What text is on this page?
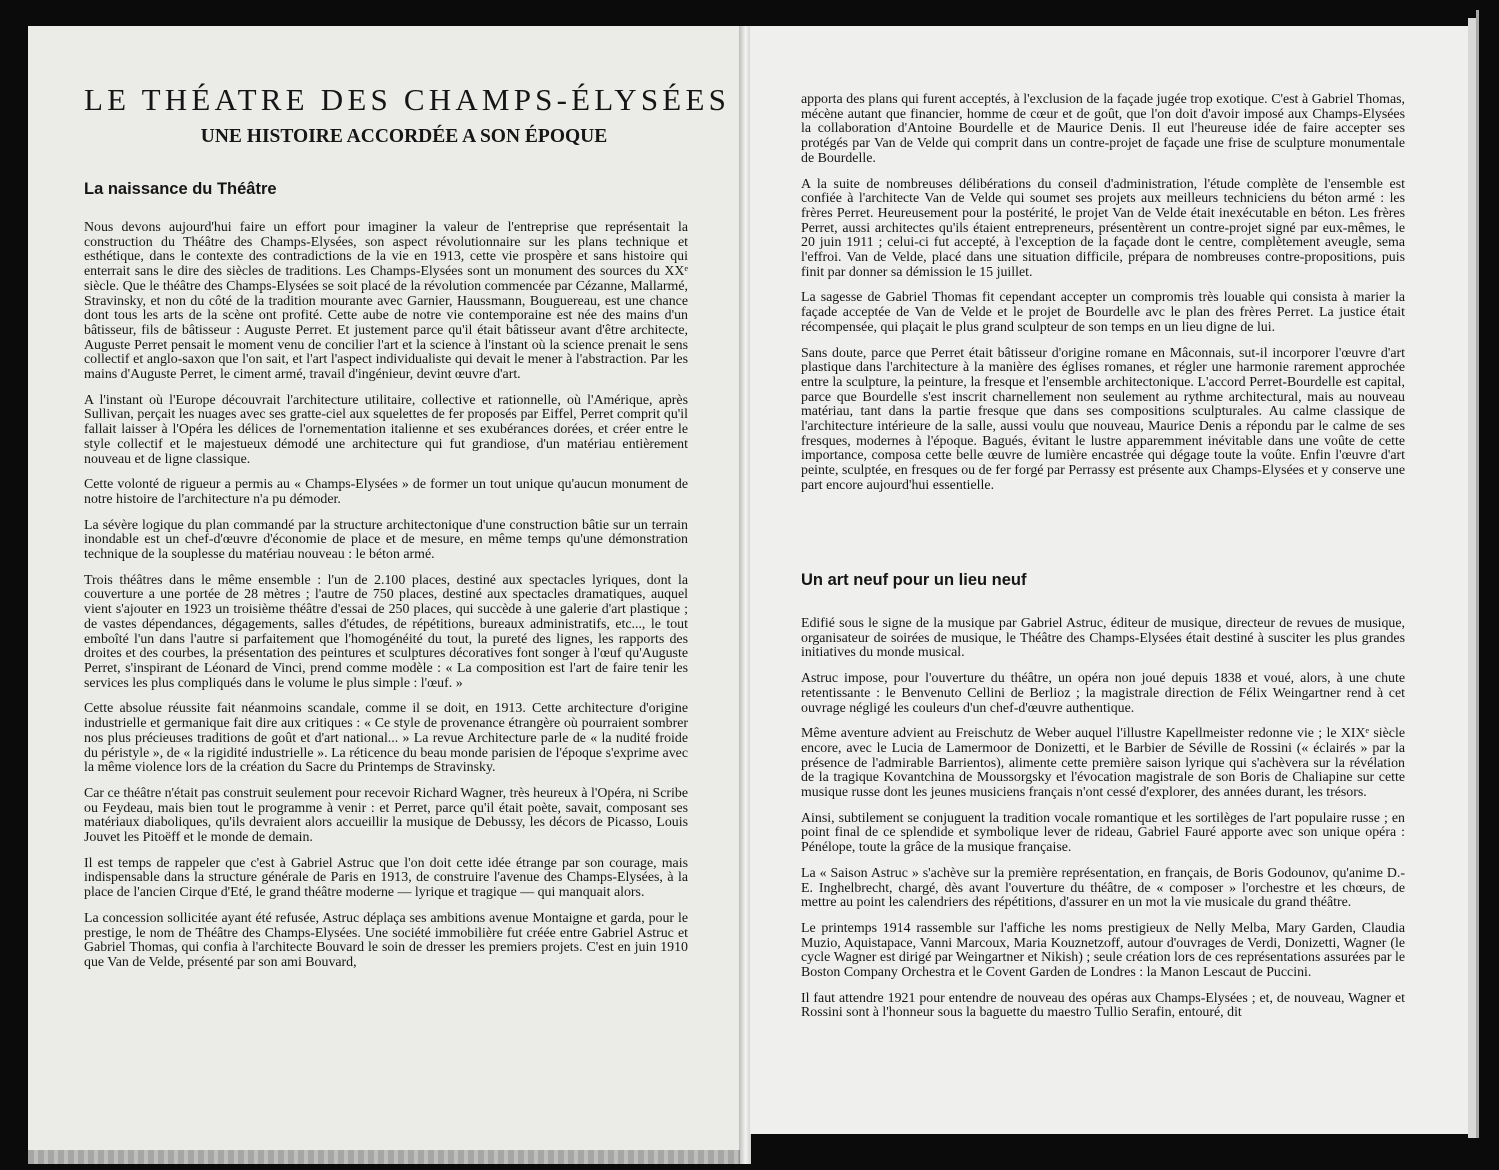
LE THÉATRE DES CHAMPS-ÉLYSÉES
UNE HISTOIRE ACCORDÉE A SON ÉPOQUE
La naissance du Théâtre

Nous devons aujourd'hui faire un effort pour imaginer la valeur de l'entreprise que représentait la construction du Théâtre des Champs-Elysées, son aspect révolutionnaire sur les plans technique et esthétique, dans le contexte des contradictions de la vie en 1913, cette vie prospère et sans histoire qui enterrait sans le dire des siècles de traditions. Les Champs-Elysées sont un monument des sources du XXᵉ siècle. Que le théâtre des Champs-Elysées se soit placé de la révolution commencée par Cézanne, Mallarmé, Stravinsky, et non du côté de la tradition mourante avec Garnier, Haussmann, Bouguereau, est une chance dont tous les arts de la scène ont profité. Cette aube de notre vie contemporaine est née des mains d'un bâtisseur, fils de bâtisseur : Auguste Perret. Et justement parce qu'il était bâtisseur avant d'être architecte, Auguste Perret pensait le moment venu de concilier l'art et la science à l'instant où la science prenait le sens collectif et anglo-saxon que l'on sait, et l'art l'aspect individualiste qui devait le mener à l'abstraction. Par les mains d'Auguste Perret, le ciment armé, travail d'ingénieur, devint œuvre d'art.

A l'instant où l'Europe découvrait l'architecture utilitaire, collective et rationnelle, où l'Amérique, après Sullivan, perçait les nuages avec ses gratte-ciel aux squelettes de fer proposés par Eiffel, Perret comprit qu'il fallait laisser à l'Opéra les délices de l'ornementation italienne et ses exubérances dorées, et créer entre le style collectif et le majestueux démodé une architecture qui fut grandiose, d'un matériau entièrement nouveau et de ligne classique.

Cette volonté de rigueur a permis au « Champs-Elysées » de former un tout unique qu'aucun monument de notre histoire de l'architecture n'a pu démoder.

La sévère logique du plan commandé par la structure architectonique d'une construction bâtie sur un terrain inondable est un chef-d'œuvre d'économie de place et de mesure, en même temps qu'une démonstration technique de la souplesse du matériau nouveau : le béton armé.

Trois théâtres dans le même ensemble : l'un de 2.100 places, destiné aux spectacles lyriques, dont la couverture a une portée de 28 mètres ; l'autre de 750 places, destiné aux spectacles dramatiques, auquel vient s'ajouter en 1923 un troisième théâtre d'essai de 250 places, qui succède à une galerie d'art plastique ; de vastes dépendances, dégagements, salles d'études, de répétitions, bureaux administratifs, etc..., le tout emboîté l'un dans l'autre si parfaitement que l'homogénéité du tout, la pureté des lignes, les rapports des droites et des courbes, la présentation des peintures et sculptures décoratives font songer à l'œuf qu'Auguste Perret, s'inspirant de Léonard de Vinci, prend comme modèle : « La composition est l'art de faire tenir les services les plus compliqués dans le volume le plus simple : l'œuf. »

Cette absolue réussite fait néanmoins scandale, comme il se doit, en 1913. Cette architecture d'origine industrielle et germanique fait dire aux critiques : « Ce style de provenance étrangère où pourraient sombrer nos plus précieuses traditions de goût et d'art national... » La revue Architecture parle de « la nudité froide du péristyle », de « la rigidité industrielle ». La réticence du beau monde parisien de l'époque s'exprime avec la même violence lors de la création du Sacre du Printemps de Stravinsky.

Car ce théâtre n'était pas construit seulement pour recevoir Richard Wagner, très heureux à l'Opéra, ni Scribe ou Feydeau, mais bien tout le programme à venir : et Perret, parce qu'il était poète, savait, composant ses matériaux diaboliques, qu'ils devraient alors accueillir la musique de Debussy, les décors de Picasso, Louis Jouvet les Pitoëff et le monde de demain.

Il est temps de rappeler que c'est à Gabriel Astruc que l'on doit cette idée étrange par son courage, mais indispensable dans la structure générale de Paris en 1913, de construire l'avenue des Champs-Elysées, à la place de l'ancien Cirque d'Eté, le grand théâtre moderne — lyrique et tragique — qui manquait alors.

La concession sollicitée ayant été refusée, Astruc déplaça ses ambitions avenue Montaigne et garda, pour le prestige, le nom de Théâtre des Champs-Elysées. Une société immobilière fut créée entre Gabriel Astruc et Gabriel Thomas, qui confia à l'architecte Bouvard le soin de dresser les premiers projets. C'est en juin 1910 que Van de Velde, présenté par son ami Bouvard,

apporta des plans qui furent acceptés, à l'exclusion de la façade jugée trop exotique. C'est à Gabriel Thomas, mécène autant que financier, homme de cœur et de goût, que l'on doit d'avoir imposé aux Champs-Elysées la collaboration d'Antoine Bourdelle et de Maurice Denis. Il eut l'heureuse idée de faire accepter ses protégés par Van de Velde qui comprit dans un contre-projet de façade une frise de sculpture monumentale de Bourdelle.

A la suite de nombreuses délibérations du conseil d'administration, l'étude complète de l'ensemble est confiée à l'architecte Van de Velde qui soumet ses projets aux meilleurs techniciens du béton armé : les frères Perret. Heureusement pour la postérité, le projet Van de Velde était inexécutable en béton. Les frères Perret, aussi architectes qu'ils étaient entrepreneurs, présentèrent un contre-projet signé par eux-mêmes, le 20 juin 1911 ; celui-ci fut accepté, à l'exception de la façade dont le centre, complètement aveugle, sema l'effroi. Van de Velde, placé dans une situation difficile, prépara de nombreuses contre-propositions, puis finit par donner sa démission le 15 juillet.

La sagesse de Gabriel Thomas fit cependant accepter un compromis très louable qui consista à marier la façade acceptée de Van de Velde et le projet de Bourdelle avc le plan des frères Perret. La justice était récompensée, qui plaçait le plus grand sculpteur de son temps en un lieu digne de lui.

Sans doute, parce que Perret était bâtisseur d'origine romane en Mâconnais, sut-il incorporer l'œuvre d'art plastique dans l'architecture à la manière des églises romanes, et régler une harmonie rarement approchée entre la sculpture, la peinture, la fresque et l'ensemble architectonique. L'accord Perret-Bourdelle est capital, parce que Bourdelle s'est inscrit charnellement non seulement au rythme architectural, mais au nouveau matériau, tant dans la partie fresque que dans ses compositions sculpturales. Au calme classique de l'architecture intérieure de la salle, aussi voulu que nouveau, Maurice Denis a répondu par le calme de ses fresques, modernes à l'époque. Bagués, évitant le lustre apparemment inévitable dans une voûte de cette importance, composa cette belle œuvre de lumière encastrée qui dégage toute la voûte. Enfin l'œuvre d'art peinte, sculptée, en fresques ou de fer forgé par Perrassy est présente aux Champs-Elysées et y conserve une part encore aujourd'hui essentielle.

Un art neuf pour un lieu neuf

Edifié sous le signe de la musique par Gabriel Astruc, éditeur de musique, directeur de revues de musique, organisateur de soirées de musique, le Théâtre des Champs-Elysées était destiné à susciter les plus grandes initiatives du monde musical.

Astruc impose, pour l'ouverture du théâtre, un opéra non joué depuis 1838 et voué, alors, à une chute retentissante : le Benvenuto Cellini de Berlioz ; la magistrale direction de Félix Weingartner rend à cet ouvrage négligé les couleurs d'un chef-d'œuvre authentique.

Même aventure advient au Freischutz de Weber auquel l'illustre Kapellmeister redonne vie ; le XIXᵉ siècle encore, avec le Lucia de Lamermoor de Donizetti, et le Barbier de Séville de Rossini (« éclairés » par la présence de l'admirable Barrientos), alimente cette première saison lyrique qui s'achèvera sur la révélation de la tragique Kovantchina de Moussorgsky et l'évocation magistrale de son Boris de Chaliapine sur cette musique russe dont les jeunes musiciens français n'ont cessé d'explorer, des années durant, les trésors.

Ainsi, subtilement se conjuguent la tradition vocale romantique et les sortilèges de l'art populaire russe ; en point final de ce splendide et symbolique lever de rideau, Gabriel Fauré apporte avec son unique opéra : Pénélope, toute la grâce de la musique française.

La « Saison Astruc » s'achève sur la première représentation, en français, de Boris Godounov, qu'anime D.-E. Inghelbrecht, chargé, dès avant l'ouverture du théâtre, de « composer » l'orchestre et les chœurs, de mettre au point les calendriers des répétitions, d'assurer en un mot la vie musicale du grand théâtre.

Le printemps 1914 rassemble sur l'affiche les noms prestigieux de Nelly Melba, Mary Garden, Claudia Muzio, Aquistapace, Vanni Marcoux, Maria Kouznetzoff, autour d'ouvrages de Verdi, Donizetti, Wagner (le cycle Wagner est dirigé par Weingartner et Nikish) ; seule création lors de ces représentations assurées par le Boston Company Orchestra et le Covent Garden de Londres : la Manon Lescaut de Puccini.

Il faut attendre 1921 pour entendre de nouveau des opéras aux Champs-Elysées ; et, de nouveau, Wagner et Rossini sont à l'honneur sous la baguette du maestro Tullio Serafin, entouré, dit
